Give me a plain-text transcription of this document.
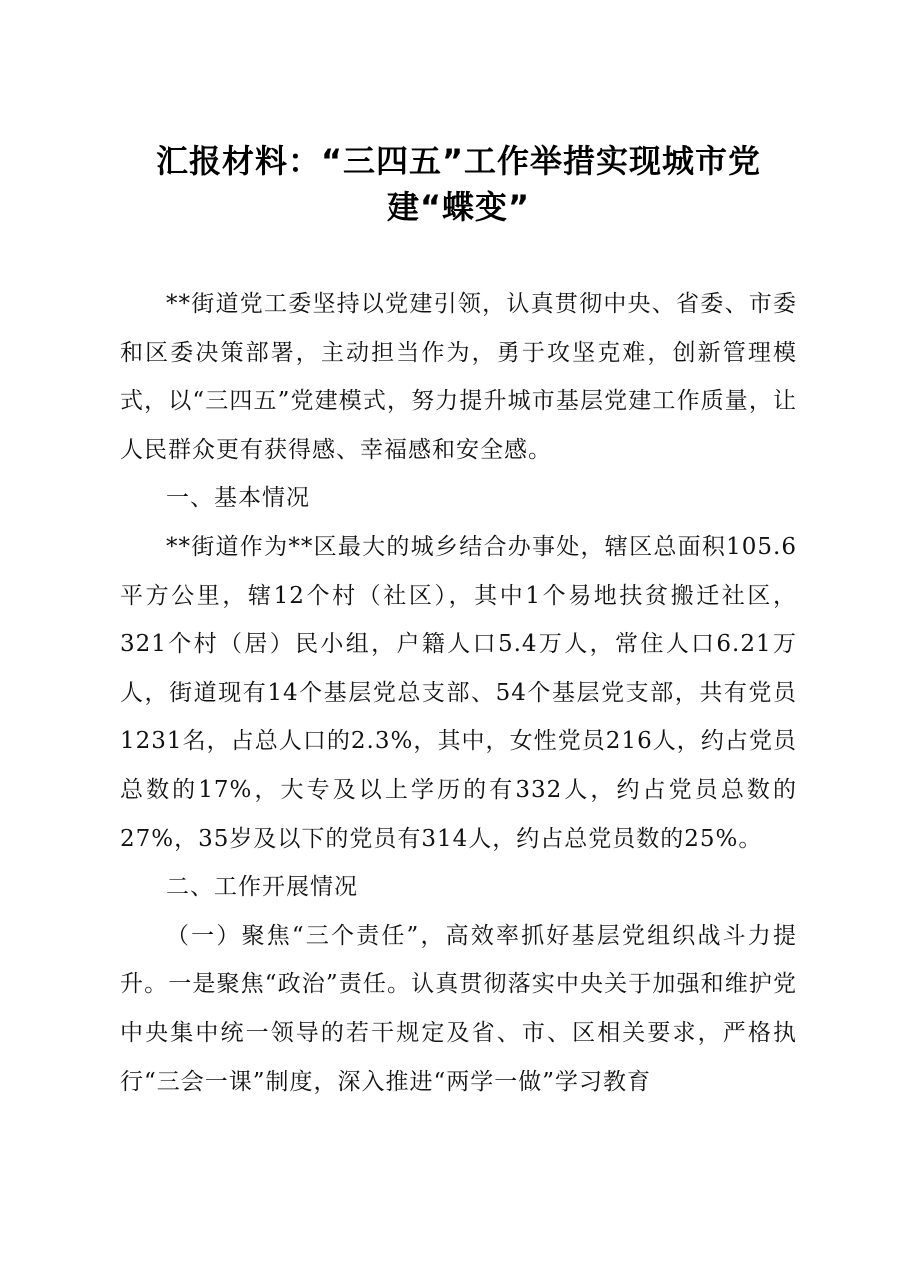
汇报材料：“三四五”工作举措实现城市党建“蝶变”

**街道党工委坚持以党建引领，认真贯彻中央、省委、市委和区委决策部署，主动担当作为，勇于攻坚克难，创新管理模式，以“三四五”党建模式，努力提升城市基层党建工作质量，让人民群众更有获得感、幸福感和安全感。

一、基本情况

**街道作为**区最大的城乡结合办事处，辖区总面积105.6平方公里，辖12个村（社区），其中1个易地扶贫搬迁社区，321个村（居）民小组，户籍人口5.4万人，常住人口6.21万人，街道现有14个基层党总支部、54个基层党支部，共有党员1231名，占总人口的2.3%，其中，女性党员216人，约占党员总数的17%，大专及以上学历的有332人，约占党员总数的27%，35岁及以下的党员有314人，约占总党员数的25%。

二、工作开展情况

（一）聚焦“三个责任”，高效率抓好基层党组织战斗力提升。一是聚焦“政治”责任。认真贯彻落实中央关于加强和维护党中央集中统一领导的若干规定及省、市、区相关要求，严格执行“三会一课”制度，深入推进“两学一做”学习教育
